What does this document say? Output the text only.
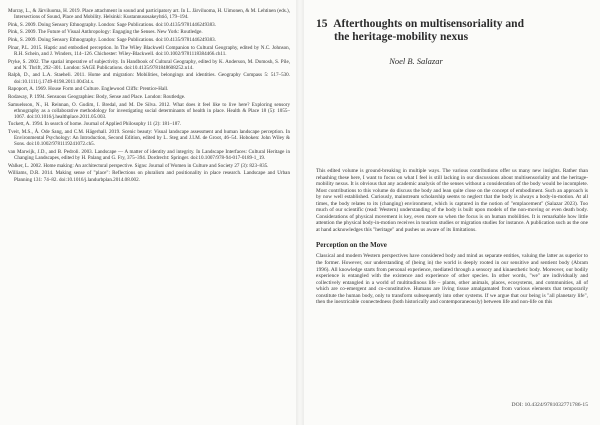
Murray, L., & Järviluoma, H. 2019. Place attachment in sound and participatory art. In L. Järviluoma, H. Uimonen, & M. Lehtinen (eds.), Intersections of Sound, Place and Mobility. Helsinki: Kustannusosakeyhtiö, 179–194.

Pink, S. 2009. Doing Sensory Ethnography. London: Sage Publications. doi:10.4135/9781446249383.

Pink, S. 2009. The Future of Visual Anthropology: Engaging the Senses. New York: Routledge.

Pink, S. 2009. Doing Sensory Ethnography. London: Sage Publications. doi:10.4135/9781446249383.

Pinar, P.L. 2015. Haptic and embodied perception. In The Wiley Blackwell Companion to Cultural Geography, edited by N.C. Johnson, R.H. Schein, and J. Winders, 114–126. Chichester: Wiley-Blackwell. doi:10.1002/9781118384466.ch11.

Pryke, S. 2002. The spatial imperative of subjectivity. In Handbook of Cultural Geography, edited by K. Anderson, M. Domosh, S. Pile, and N. Thrift, 292–301. London: SAGE Publications. doi:10.4135/9781848608252.n14.

Ralph, D., and L.A. Staeheli. 2011. Home and migration: Mobilities, belongings and identities. Geography Compass 5: 517–530. doi:10.1111/j.1749-8198.2011.00434.x.

Rapoport, A. 1969. House Form and Culture. Englewood Cliffs: Prentice-Hall.

Rodaway, P. 1994. Sensuous Geographies: Body, Sense and Place. London: Routledge.

Samuelsson, N., H. Reinnan, O. Gudim, I. Bredal, and M. De Silva. 2012. What does it feel like to live here? Exploring sensory ethnography as a collaborative methodology for investigating social determinants of health in place. Health & Place 18 (5): 1055–1067. doi:10.1016/j.healthplace.2011.05.003.

Tuckett, A. 1994. In search of home. Journal of Applied Philosophy 11 (2): 181–187.

Tveit, M.S., Å. Ode Sang, and C.M. Hägerhall. 2019. Scenic beauty: Visual landscape assessment and human landscape perception. In Environmental Psychology: An Introduction, Second Edition, edited by L. Steg and J.I.M. de Groot, 46–54. Hoboken: John Wiley & Sons. doi:10.1002/9781119241072.ch5.

van Marwijk, J.D., and B. Pedroli. 2003. Landscape — A matter of identity and integrity. In Landscape Interfaces: Cultural Heritage in Changing Landscapes, edited by H. Palang and G. Fry, 375–394. Dordrecht: Springer. doi:10.1007/978-94-017-0189-1_19.

Walker, L. 2002. Home making: An architectural perspective. Signs: Journal of Women in Culture and Society 27 (3): 823–835.

Williams, D.R. 2014. Making sense of "place": Reflections on pluralism and positionality in place research. Landscape and Urban Planning 131: 74–82. doi:10.1016/j.landurbplan.2014.08.002.

15 Afterthoughts on multisensoriality and
the heritage-mobility nexus

Noel B. Salazar

This edited volume is ground-breaking in multiple ways. The various contributions offer us many new insights. Rather than rehashing these here, I want to focus on what I feel is still lacking in our discussions about multisensoriality and the heritage-mobility nexus. It is obvious that any academic analysis of the senses without a consideration of the body would be incomplete. Most contributions to this volume do discuss the body and lean quite close on the concept of embodiment. Such an approach is by now well established. Curiously, mainstream scholarship seems to neglect that the body is always a body-in-motion. At all times, the body relates to its (changing) environment, which is captured in the notion of "emplacement" (Salazar 2023). Too much of our scientific (read: Western) understanding of the body is built upon models of the non-moving or even death body. Considerations of physical movement is key, even more so when the focus is on human mobilities. It is remarkable how little attention the physical body-in-motion receives in tourism studies or migration studies for instance. A publication such as the one at hand acknowledges this "heritage" and pushes us aware of its limitations.

Perception on the Move

Classical and modern Western perspectives have considered body and mind as separate entities, valuing the latter as superior to the former. However, our understanding of (being in) the world is deeply rooted in our sensitive and sentient body (Abram 1996). All knowledge starts from personal experience, mediated through a sensory and kinaesthetic body. Moreover, our bodily experience is entangled with the existence and experience of other species. In other words, "we" are individually and collectively entangled in a world of multitudinous life – plants, other animals, places, ecosystems, and communities, all of which are co-emergent and co-constitutive. Humans are living tissue amalgamated from various elements that temporarily constitute the human body, only to transform subsequently into other systems. If we argue that our being is "all planetary life", then the inextricable connectedness (both historically and contemporaneously) between life and non-life on this

DOI: 10.4324/9781032771786-15
